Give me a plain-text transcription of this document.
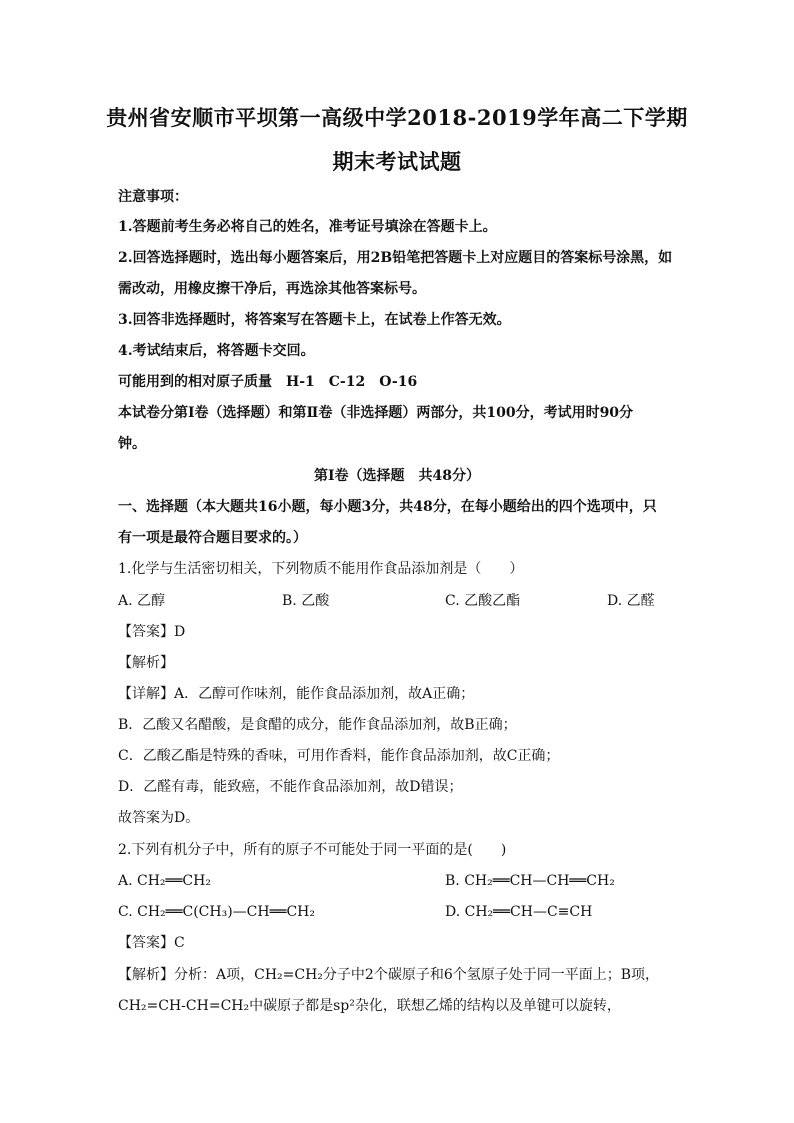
贵州省安顺市平坝第一高级中学2018-2019学年高二下学期
期末考试试题
注意事项：
1.答题前考生务必将自己的姓名，准考证号填涂在答题卡上。
2.回答选择题时，选出每小题答案后，用2B铅笔把答题卡上对应题目的答案标号涂黑，如
需改动，用橡皮擦干净后，再选涂其他答案标号。
3.回答非选择题时，将答案写在答题卡上，在试卷上作答无效。
4.考试结束后，将答题卡交回。
可能用到的相对原子质量　H-1　C-12　O-16
本试卷分第Ⅰ卷（选择题）和第Ⅱ卷（非选择题）两部分，共100分，考试用时90分
钟。
第Ⅰ卷（选择题　共48分）
一、选择题（本大题共16小题，每小题3分，共48分，在每小题给出的四个选项中，只
有一项是最符合题目要求的。）
1.化学与生活密切相关，下列物质不能用作食品添加剂是（　　）
A. 乙醇	B. 乙酸	C. 乙酸乙酯	D. 乙醛
【答案】D
【解析】
【详解】A．乙醇可作味剂，能作食品添加剂，故A正确；
B．乙酸又名醋酸，是食醋的成分，能作食品添加剂，故B正确；
C．乙酸乙酯是特殊的香味，可用作香料，能作食品添加剂，故C正确；
D．乙醛有毒，能致癌，不能作食品添加剂，故D错误；
故答案为D。
2.下列有机分子中，所有的原子不可能处于同一平面的是(　　)
A. CH₂══CH₂	B. CH₂══CH—CH══CH₂
C. CH₂══C(CH₃)—CH══CH₂	D. CH₂══CH—C≡CH
【答案】C
【解析】分析：A项，CH₂=CH₂分子中2个碳原子和6个氢原子处于同一平面上；B项，
CH₂=CH-CH=CH₂中碳原子都是sp²杂化，联想乙烯的结构以及单键可以旋转，
